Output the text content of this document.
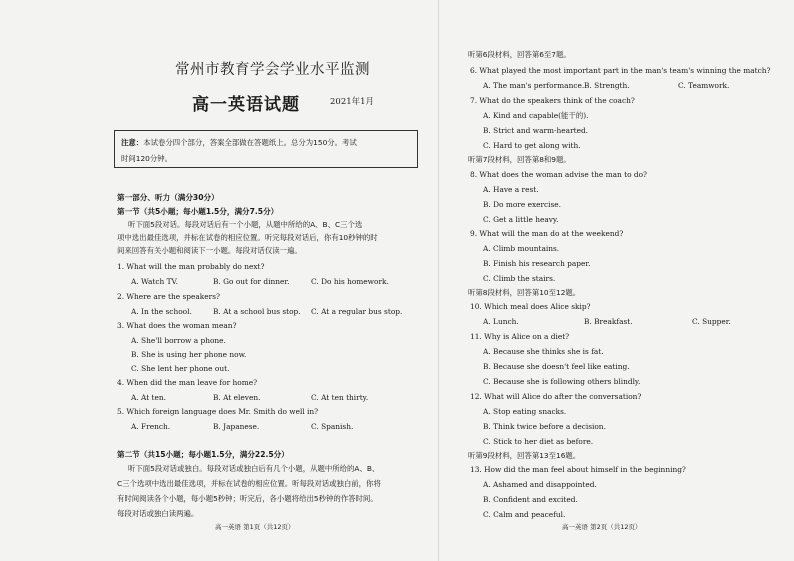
常州市教育学会学业水平监测
高一英语试题	2021年1月
注意：本试卷分四个部分，答案全部做在答题纸上。总分为150分。考试
时间120分钟。
第一部分、听力（满分30分）
第一节（共5小题；每小题1.5分，满分7.5分）
听下面5段对话。每段对话后有一个小题，从题中所给的A、B、C三个选
项中选出最佳选项，并标在试卷的相应位置。听完每段对话后，你有10秒钟的时
间来回答有关小题和阅读下一小题。每段对话仅读一遍。
1. What will the man probably do next?
A. Watch TV.	B. Go out for dinner.	C. Do his homework.
2. Where are the speakers?
A. In the school.	B. At a school bus stop. C. At a regular bus stop.
3. What does the woman mean?
A. She'll borrow a phone.
B. She is using her phone now.
C. She lent her phone out.
4. When did the man leave for home?
A. At ten.	B. At eleven.	C. At ten thirty.
5. Which foreign language does Mr. Smith do well in?
A. French.	B. Japanese.	C. Spanish.
第二节（共15小题；每小题1.5分，满分22.5分）
听下面5段对话或独白。每段对话或独白后有几个小题，从题中所给的A、B、
C三个选项中选出最佳选项，并标在试卷的相应位置。听每段对话或独白前，你将
有时间阅读各个小题，每小题5秒钟；听完后，各小题将给出5秒钟的作答时间。
每段对话或独白读两遍。
高一英语 第1页（共12页）
听第6段材料，回答第6至7题。
6. What played the most important part in the man's team's winning the match?
A. The man's performance. B. Strength.	C. Teamwork.
7. What do the speakers think of the coach?
A. Kind and capable(能干的).
B. Strict and warm-hearted.
C. Hard to get along with.
听第7段材料，回答第8和9题。
8. What does the woman advise the man to do?
A. Have a rest.
B. Do more exercise.
C. Get a little heavy.
9. What will the man do at the weekend?
A. Climb mountains.
B. Finish his research paper.
C. Climb the stairs.
听第8段材料，回答第10至12题。
10. Which meal does Alice skip?
A. Lunch.	B. Breakfast.	C. Supper.
11. Why is Alice on a diet?
A. Because she thinks she is fat.
B. Because she doesn't feel like eating.
C. Because she is following others blindly.
12. What will Alice do after the conversation?
A. Stop eating snacks.
B. Think twice before a decision.
C. Stick to her diet as before.
听第9段材料，回答第13至16题。
13. How did the man feel about himself in the beginning?
A. Ashamed and disappointed.
B. Confident and excited.
C. Calm and peaceful.
高一英语 第2页（共12页）
